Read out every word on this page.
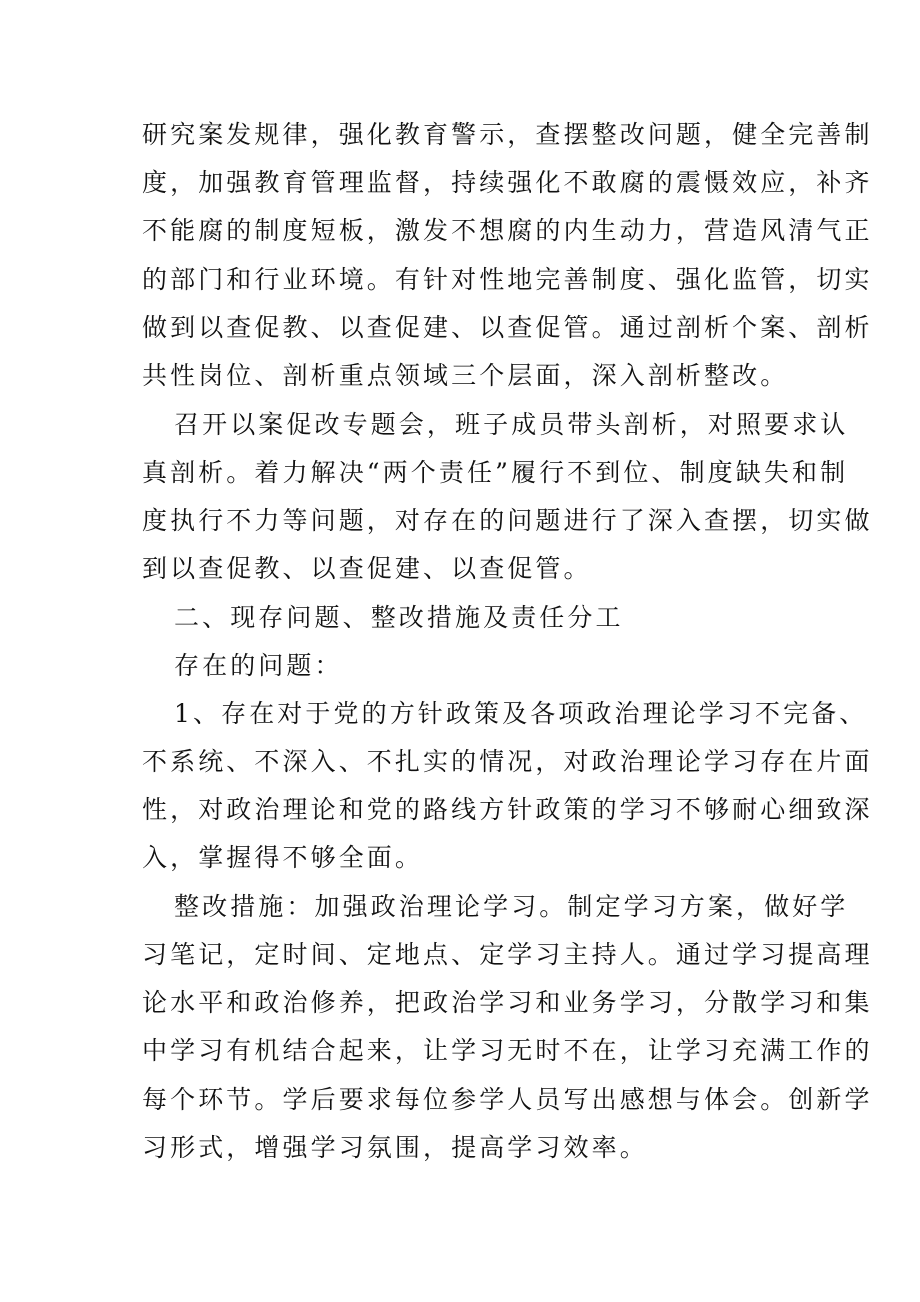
研究案发规律，强化教育警示，查摆整改问题，健全完善制
度，加强教育管理监督，持续强化不敢腐的震慑效应，补齐
不能腐的制度短板，激发不想腐的内生动力，营造风清气正
的部门和行业环境。有针对性地完善制度、强化监管，切实
做到以查促教、以查促建、以查促管。通过剖析个案、剖析
共性岗位、剖析重点领域三个层面，深入剖析整改。
召开以案促改专题会，班子成员带头剖析，对照要求认
真剖析。着力解决“两个责任”履行不到位、制度缺失和制
度执行不力等问题，对存在的问题进行了深入查摆，切实做
到以查促教、以查促建、以查促管。
二、现存问题、整改措施及责任分工
存在的问题：
1、存在对于党的方针政策及各项政治理论学习不完备、
不系统、不深入、不扎实的情况，对政治理论学习存在片面
性，对政治理论和党的路线方针政策的学习不够耐心细致深
入，掌握得不够全面。
整改措施：加强政治理论学习。制定学习方案，做好学
习笔记，定时间、定地点、定学习主持人。通过学习提高理
论水平和政治修养，把政治学习和业务学习，分散学习和集
中学习有机结合起来，让学习无时不在，让学习充满工作的
每个环节。学后要求每位参学人员写出感想与体会。创新学
习形式，增强学习氛围，提高学习效率。
